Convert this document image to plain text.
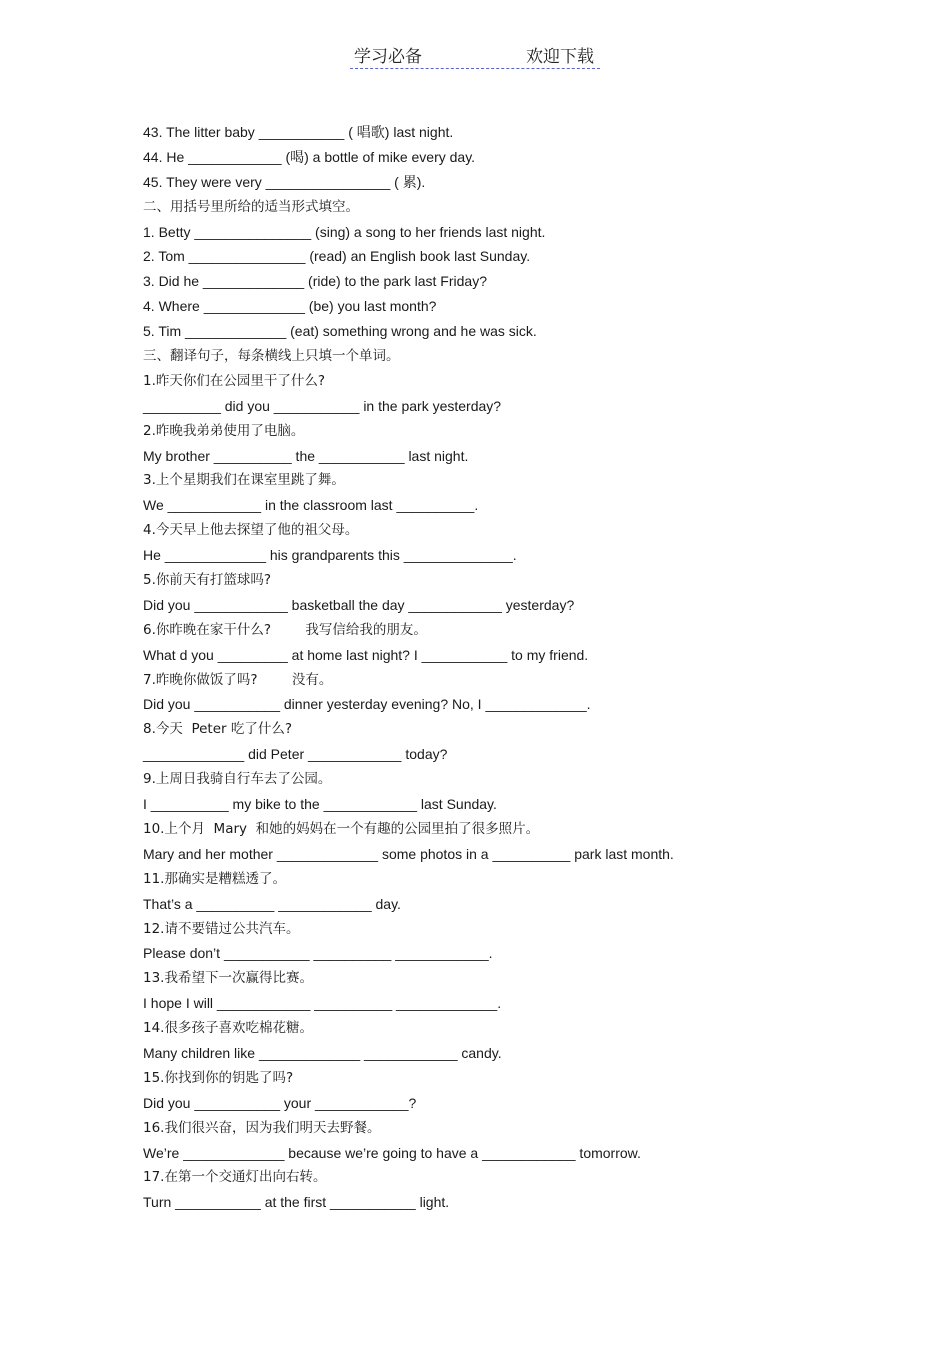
学习必备	欢迎下载
43. The litter baby ___________ ( 唱歌) last night.
44. He ____________ (喝) a bottle of mike every day.
45. They were very ________________ ( 累).
二、用括号里所给的适当形式填空。
1. Betty _______________ (sing) a song to her friends last night.
2. Tom _______________ (read) an English book last Sunday.
3. Did he _____________ (ride) to the park last Friday?
4. Where _____________ (be) you last month?
5. Tim _____________ (eat) something wrong and he was sick.
三、翻译句子，每条横线上只填一个单词。
1.昨天你们在公园里干了什么?
__________ did you ___________ in the park yesterday?
2.昨晚我弟弟使用了电脑。
My brother __________ the ___________ last night.
3.上个星期我们在课室里跳了舞。
We ____________ in the classroom last __________.
4.今天早上他去探望了他的祖父母。
He _____________ his grandparents this ______________.
5.你前天有打篮球吗?
Did you ____________ basketball the day ____________ yesterday?
6.你昨晚在家干什么?        我写信给我的朋友。
What d you _________ at home last night? I ___________ to my friend.
7.昨晚你做饭了吗?        没有。
Did you ___________ dinner yesterday evening? No, I _____________.
8.今天  Peter 吃了什么?
_____________ did Peter ____________ today?
9.上周日我骑自行车去了公园。
I __________ my bike to the ____________ last Sunday.
10.上个月  Mary  和她的妈妈在一个有趣的公园里拍了很多照片。
Mary and her mother _____________ some photos in a __________ park last month.
11.那确实是糟糕透了。
That’s a __________ ____________ day.
12.请不要错过公共汽车。
Please don’t ___________ __________ ____________.
13.我希望下一次赢得比赛。
I hope I will ____________ __________ _____________.
14.很多孩子喜欢吃棉花糖。
Many children like _____________ ____________ candy.
15.你找到你的钥匙了吗?
Did you ___________ your ____________?
16.我们很兴奋，因为我们明天去野餐。
We’re _____________ because we’re going to have a ____________ tomorrow.
17.在第一个交通灯出向右转。
Turn ___________ at the first ___________ light.
